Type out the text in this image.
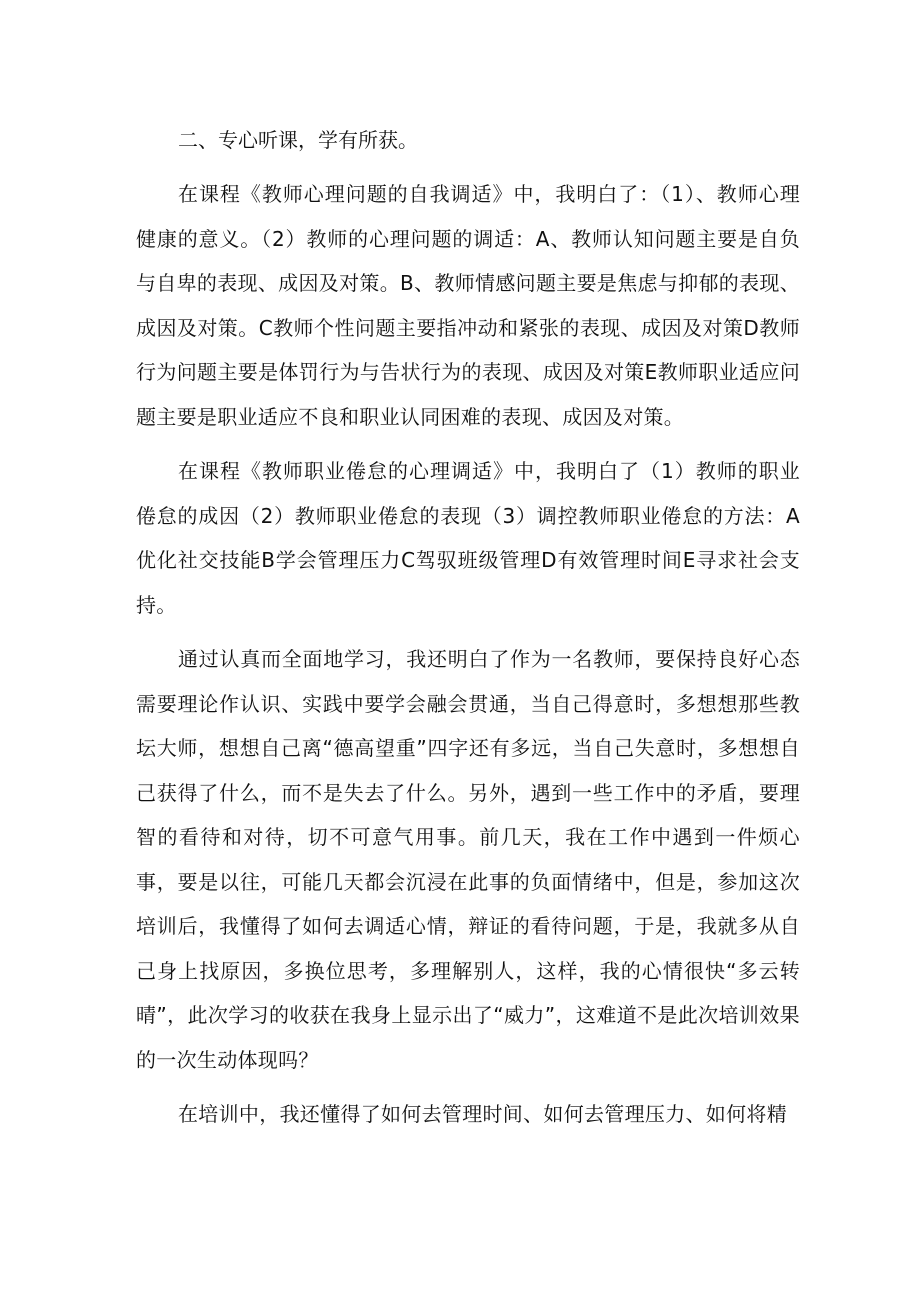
二、专心听课，学有所获。

在课程《教师心理问题的自我调适》中，我明白了：（1）、教师心理健康的意义。（2）教师的心理问题的调适：A、教师认知问题主要是自负与自卑的表现、成因及对策。B、教师情感问题主要是焦虑与抑郁的表现、成因及对策。C教师个性问题主要指冲动和紧张的表现、成因及对策D教师行为问题主要是体罚行为与告状行为的表现、成因及对策E教师职业适应问题主要是职业适应不良和职业认同困难的表现、成因及对策。

在课程《教师职业倦怠的心理调适》中，我明白了（1）教师的职业倦怠的成因（2）教师职业倦怠的表现（3）调控教师职业倦怠的方法：A优化社交技能B学会管理压力C驾驭班级管理D有效管理时间E寻求社会支持。

通过认真而全面地学习，我还明白了作为一名教师，要保持良好心态需要理论作认识、实践中要学会融会贯通，当自己得意时，多想想那些教坛大师，想想自己离“德高望重”四字还有多远，当自己失意时，多想想自己获得了什么，而不是失去了什么。另外，遇到一些工作中的矛盾，要理智的看待和对待，切不可意气用事。前几天，我在工作中遇到一件烦心事，要是以往，可能几天都会沉浸在此事的负面情绪中，但是，参加这次培训后，我懂得了如何去调适心情，辩证的看待问题，于是，我就多从自己身上找原因，多换位思考，多理解别人，这样，我的心情很快“多云转晴”，此次学习的收获在我身上显示出了“威力”，这难道不是此次培训效果的一次生动体现吗？

在培训中，我还懂得了如何去管理时间、如何去管理压力、如何将精
